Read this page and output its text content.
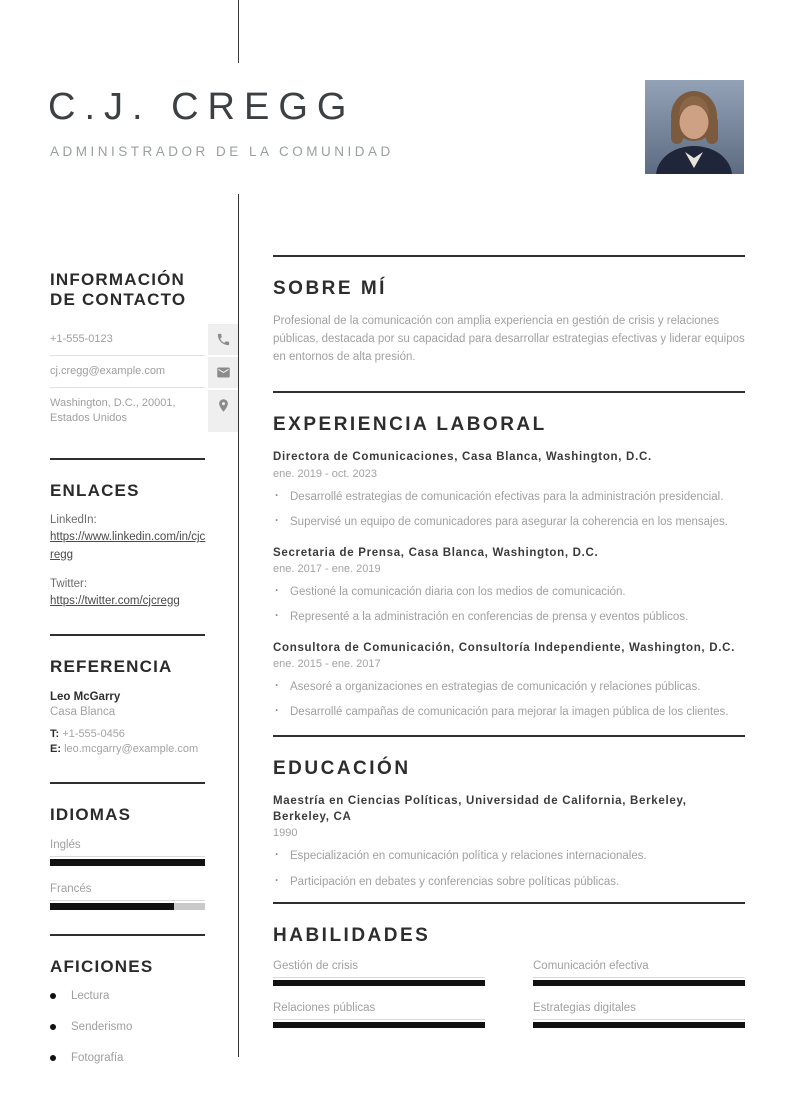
C.J. CREGG
ADMINISTRADOR DE LA COMUNIDAD
INFORMACIÓN
DE CONTACTO
+1-555-0123
cj.cregg@example.com
Washington, D.C., 20001, Estados Unidos
ENLACES
LinkedIn:
https://www.linkedin.com/in/cjcregg
Twitter:
https://twitter.com/cjcregg
REFERENCIA
Leo McGarry
Casa Blanca
T: +1-555-0456
E: leo.mcgarry@example.com
IDIOMAS
Inglés
Francés
AFICIONES
Lectura
Senderismo
Fotografía
SOBRE MÍ

Profesional de la comunicación con amplia experiencia en gestión de crisis y relaciones públicas, destacada por su capacidad para desarrollar estrategias efectivas y liderar equipos en entornos de alta presión.

EXPERIENCIA LABORAL
Directora de Comunicaciones, Casa Blanca, Washington, D.C.
ene. 2019 - oct. 2023
· Desarrollé estrategias de comunicación efectivas para la administración presidencial.
· Supervisé un equipo de comunicadores para asegurar la coherencia en los mensajes.
Secretaria de Prensa, Casa Blanca, Washington, D.C.
ene. 2017 - ene. 2019
· Gestioné la comunicación diaria con los medios de comunicación.
· Representé a la administración en conferencias de prensa y eventos públicos.
Consultora de Comunicación, Consultoría Independiente, Washington, D.C.
ene. 2015 - ene. 2017
· Asesoré a organizaciones en estrategias de comunicación y relaciones públicas.
· Desarrollé campañas de comunicación para mejorar la imagen pública de los clientes.
EDUCACIÓN
Maestría en Ciencias Políticas, Universidad de California, Berkeley, Berkeley, CA
1990
· Especialización en comunicación política y relaciones internacionales.
· Participación en debates y conferencias sobre políticas públicas.
HABILIDADES
Gestión de crisis	Comunicación efectiva
Relaciones públicas	Estrategias digitales
